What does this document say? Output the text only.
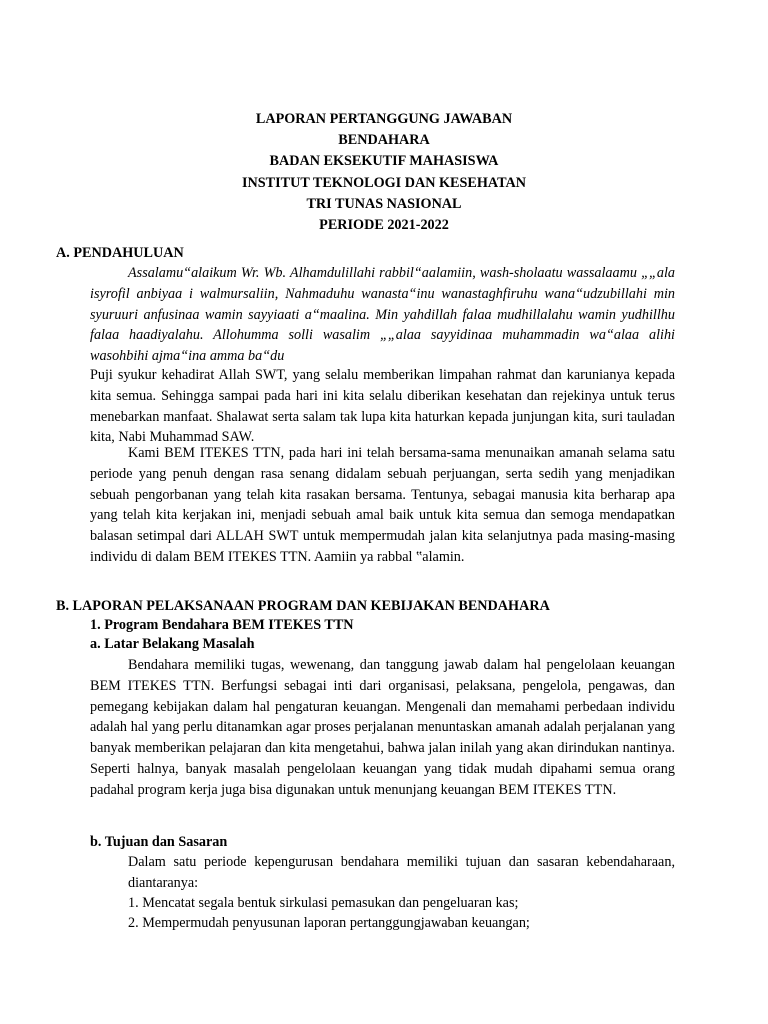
LAPORAN PERTANGGUNG JAWABAN
BENDAHARA
BADAN EKSEKUTIF MAHASISWA
INSTITUT TEKNOLOGI DAN KESEHATAN
TRI TUNAS NASIONAL
PERIODE 2021-2022
A. PENDAHULUAN
Assalamu“alaikum Wr. Wb. Alhamdulillahi rabbil“aalamiin, wash-sholaatu wassalaamu „„ala isyrofil anbiyaa i walmursaliin, Nahmaduhu wanasta“inu wanastaghfiruhu wana“udzubillahi min syuruuri anfusinaa wamin sayyiaati a“maalina. Min yahdillah falaa mudhillalahu wamin yudhillhu falaa haadiyalahu. Allohumma solli wasalim „„alaa sayyidinaa muhammadin wa“alaa alihi wasohbihi ajma“ina amma ba“du
Puji syukur kehadirat Allah SWT, yang selalu memberikan limpahan rahmat dan karunianya kepada kita semua. Sehingga sampai pada hari ini kita selalu diberikan kesehatan dan rejekinya untuk terus menebarkan manfaat. Shalawat serta salam tak lupa kita haturkan kepada junjungan kita, suri tauladan kita, Nabi Muhammad SAW.
Kami BEM ITEKES TTN, pada hari ini telah bersama-sama menunaikan amanah selama satu periode yang penuh dengan rasa senang didalam sebuah perjuangan, serta sedih yang menjadikan sebuah pengorbanan yang telah kita rasakan bersama. Tentunya, sebagai manusia kita berharap apa yang telah kita kerjakan ini, menjadi sebuah amal baik untuk kita semua dan semoga mendapatkan balasan setimpal dari ALLAH SWT untuk mempermudah jalan kita selanjutnya pada masing-masing individu di dalam BEM ITEKES TTN. Aamiin ya rabbal ‟alamin.
B. LAPORAN PELAKSANAAN PROGRAM DAN KEBIJAKAN BENDAHARA
1. Program Bendahara BEM ITEKES TTN
a. Latar Belakang Masalah
Bendahara memiliki tugas, wewenang, dan tanggung jawab dalam hal pengelolaan keuangan BEM ITEKES TTN. Berfungsi sebagai inti dari organisasi, pelaksana, pengelola, pengawas, dan pemegang kebijakan dalam hal pengaturan keuangan. Mengenali dan memahami perbedaan individu adalah hal yang perlu ditanamkan agar proses perjalanan menuntaskan amanah adalah perjalanan yang banyak memberikan pelajaran dan kita mengetahui, bahwa jalan inilah yang akan dirindukan nantinya. Seperti halnya, banyak masalah pengelolaan keuangan yang tidak mudah dipahami semua orang padahal program kerja juga bisa digunakan untuk menunjang keuangan BEM ITEKES TTN.
b. Tujuan dan Sasaran
Dalam satu periode kepengurusan bendahara memiliki tujuan dan sasaran kebendaharaan, diantaranya:
1. Mencatat segala bentuk sirkulasi pemasukan dan pengeluaran kas;
2. Mempermudah penyusunan laporan pertanggungjawaban keuangan;
